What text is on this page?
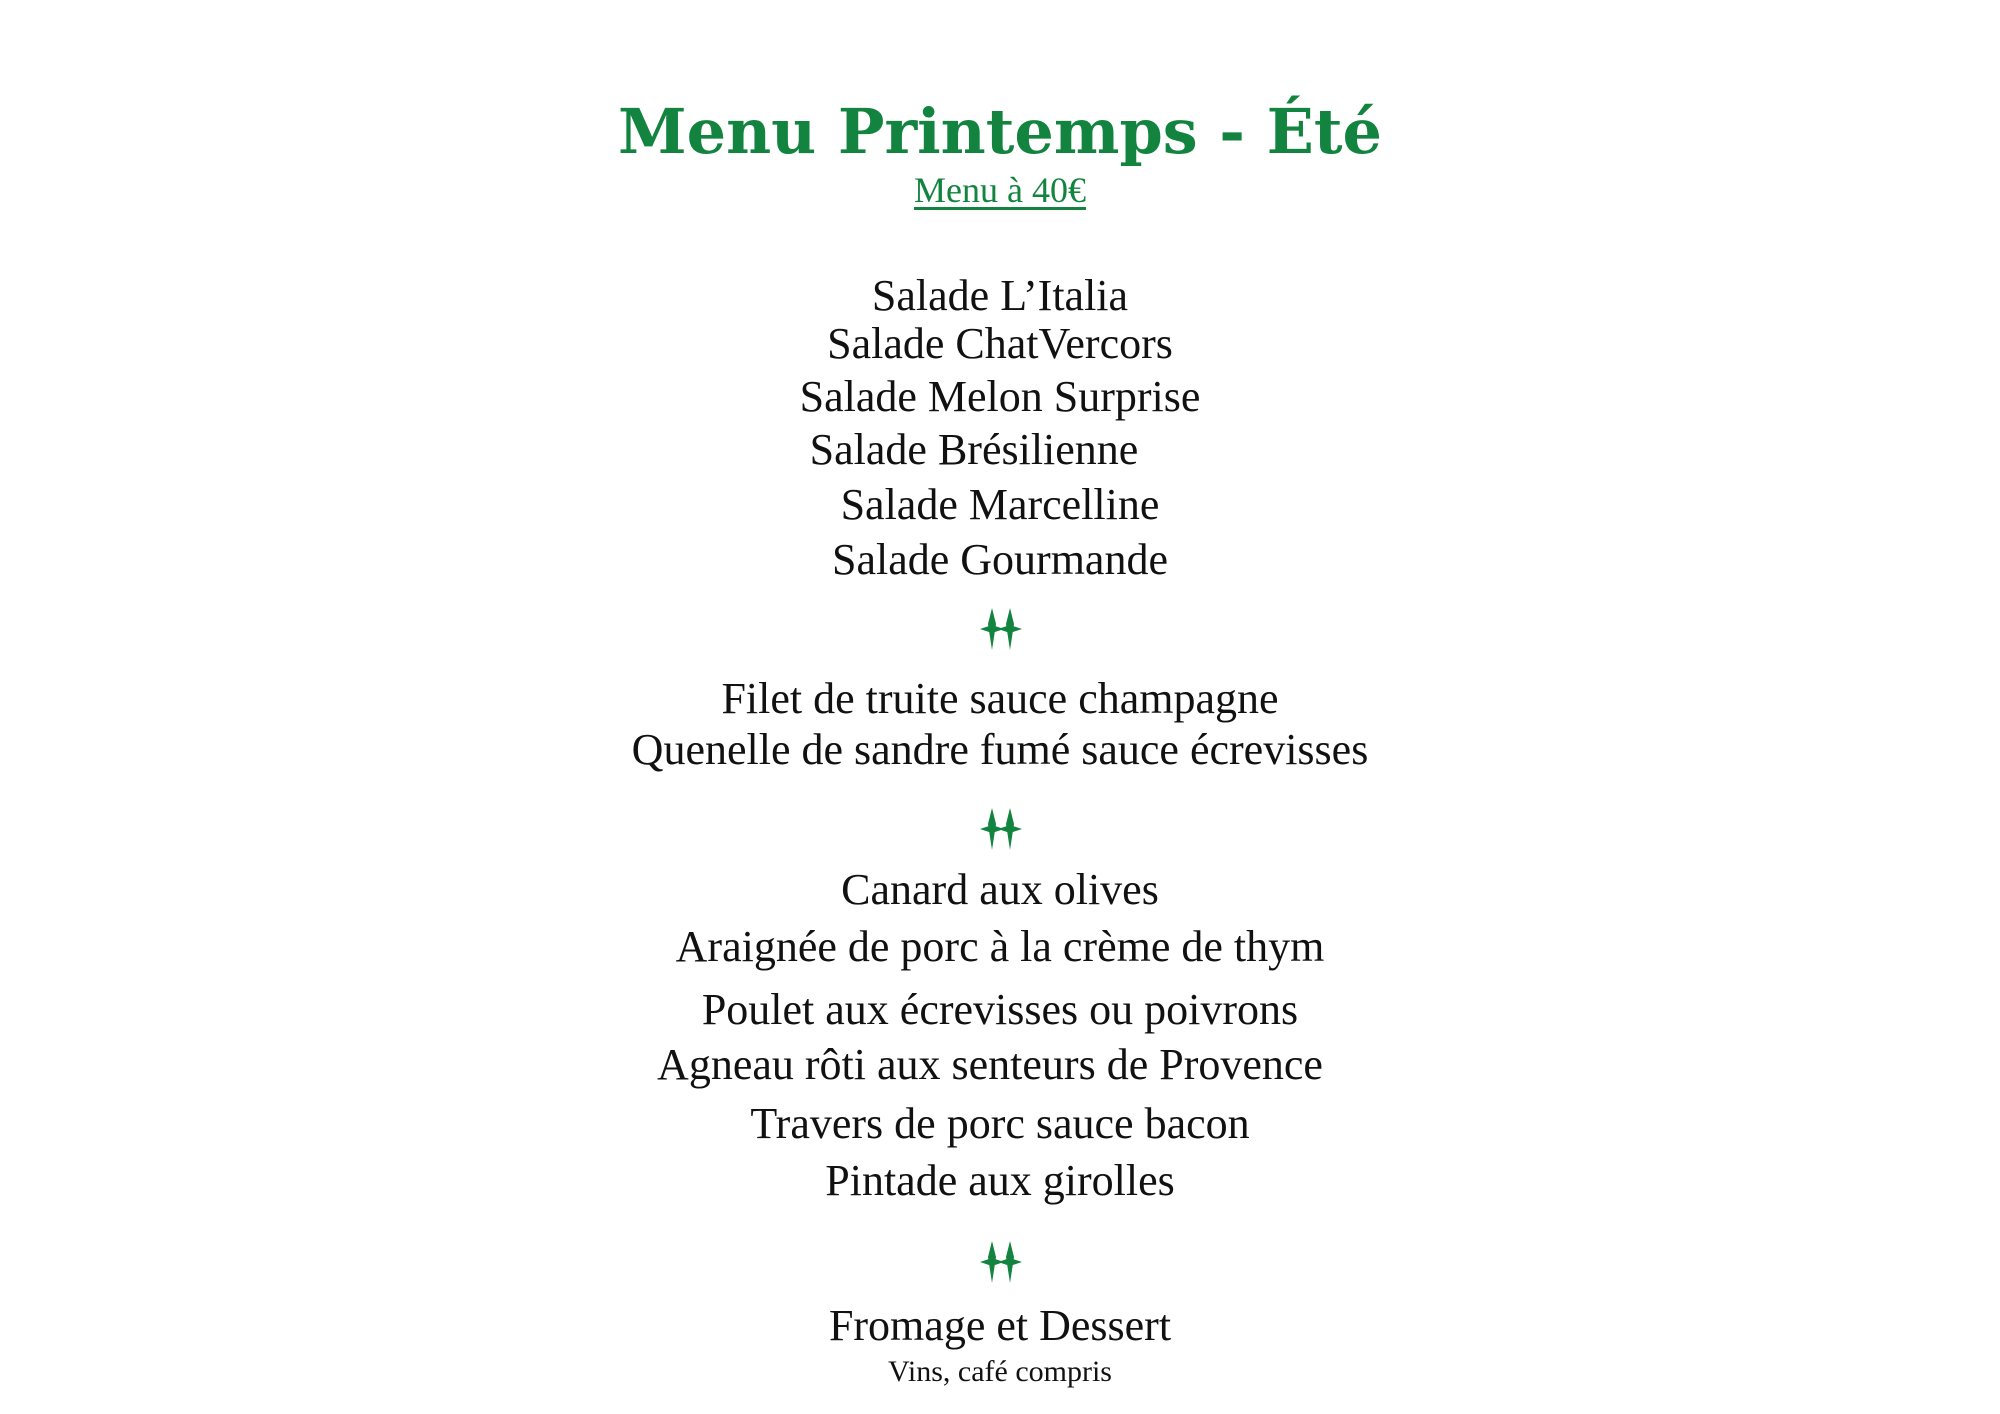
Menu Printemps - Été
Menu à 40€
Salade L’Italia
Salade ChatVercors
Salade Melon Surprise
Salade Brésilienne
Salade Marcelline
Salade Gourmande
Filet de truite sauce champagne
Quenelle de sandre fumé sauce écrevisses
Canard aux olives
Araignée de porc à la crème de thym
Poulet aux écrevisses ou poivrons
Agneau rôti aux senteurs de Provence
Travers de porc sauce bacon
Pintade aux girolles
Fromage et Dessert
Vins, café compris
